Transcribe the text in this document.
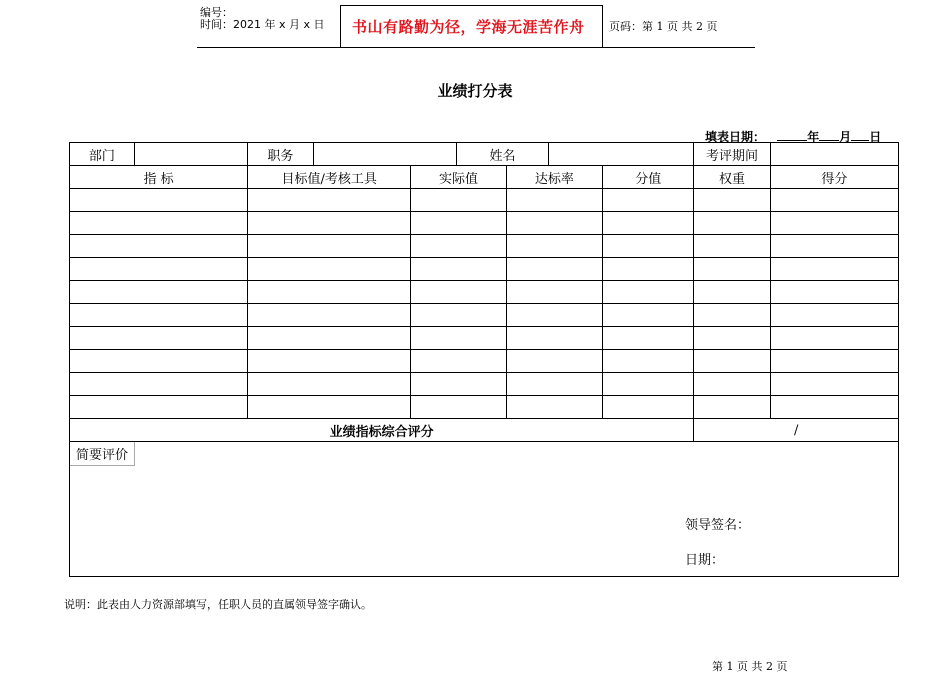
编号：
时间：2021 年 x 月 x 日 书山有路勤为径，学海无涯苦作舟 页码：第 1 页 共 2 页
业绩打分表
填表日期：	年 月 日
部门		职务			姓名				考评期间	
指 标		目标值/考核工具		实际值		达标率		分值	权重	得分

业绩指标综合评分									/	

简要评价
领导签名：
日期：										
说明：此表由人力资源部填写，任职人员的直属领导签字确认。
第 1 页 共 2 页
